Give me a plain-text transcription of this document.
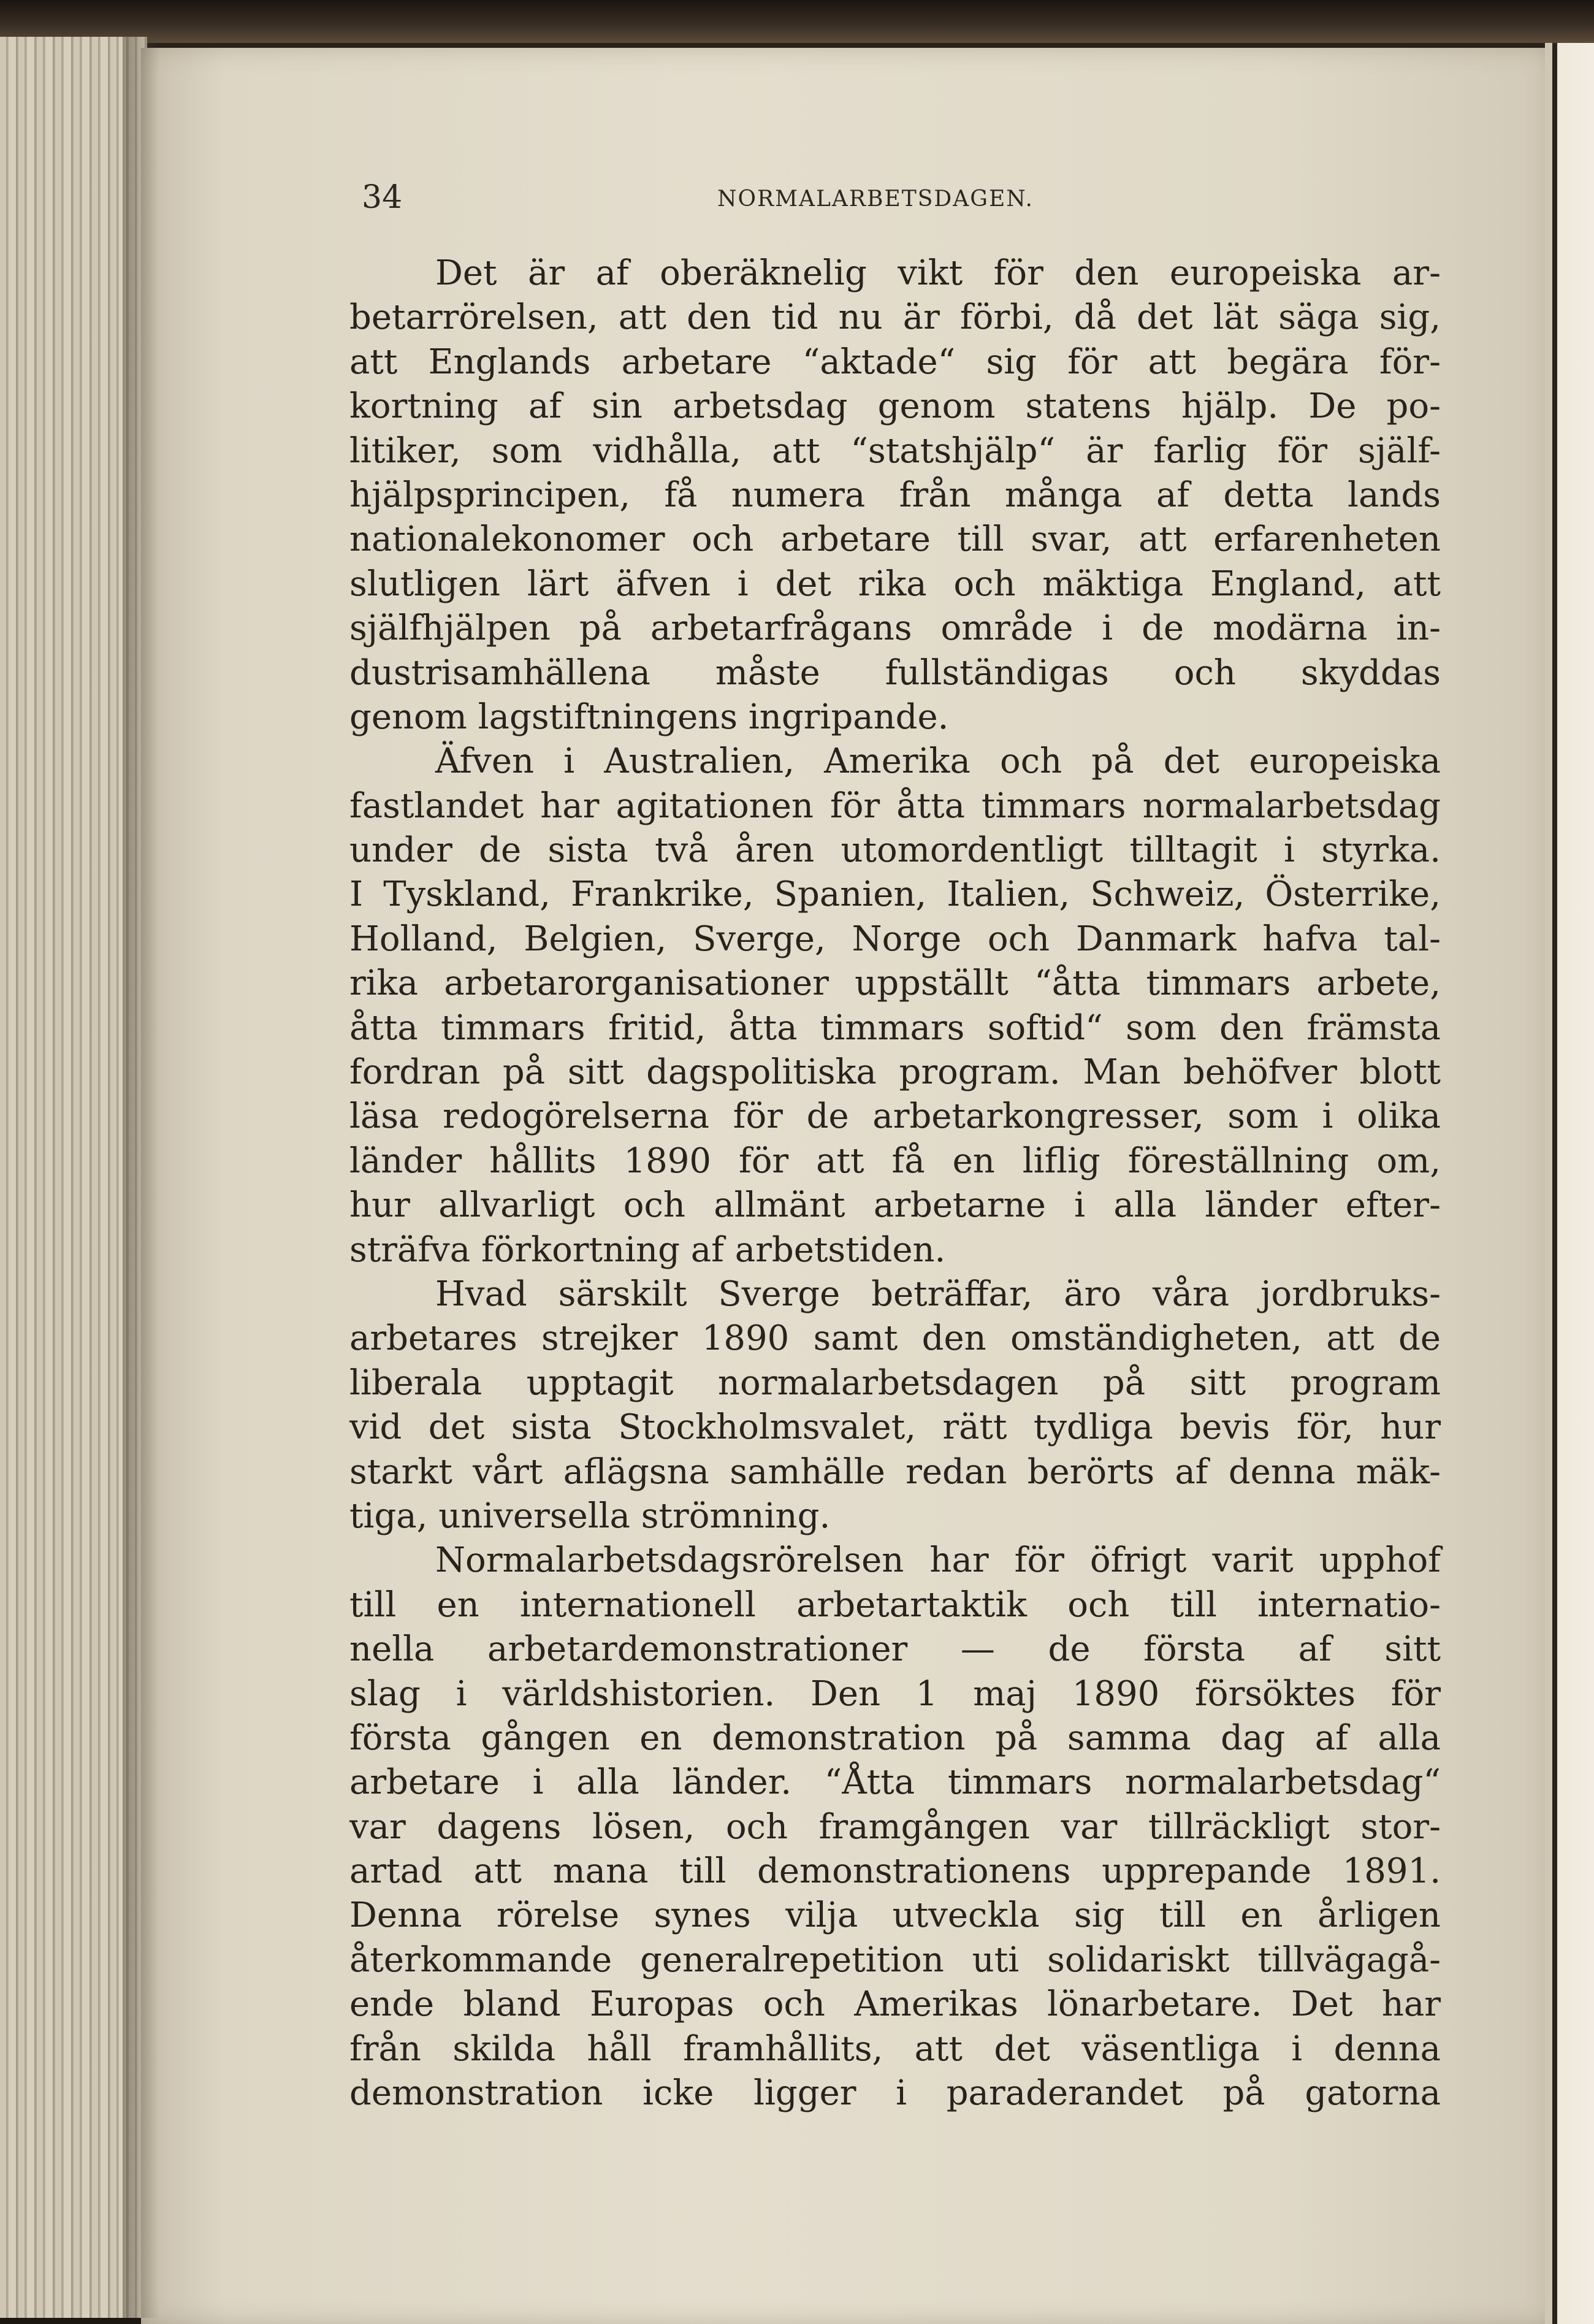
34	NORMALARBETSDAGEN.
Det är af oberäknelig vikt för den europeiska ar-
betarrörelsen, att den tid nu är förbi, då det lät säga sig,
att Englands arbetare “aktade“ sig för att begära för-
kortning af sin arbetsdag genom statens hjälp. De po-
litiker, som vidhålla, att “statshjälp“ är farlig för själf-
hjälpsprincipen, få numera från många af detta lands
nationalekonomer och arbetare till svar, att erfarenheten
slutligen lärt äfven i det rika och mäktiga England, att
själfhjälpen på arbetarfrågans område i de modärna in-
dustrisamhällena måste fullständigas och skyddas
genom lagstiftningens ingripande.
Äfven i Australien, Amerika och på det europeiska
fastlandet har agitationen för åtta timmars normalarbetsdag
under de sista två åren utomordentligt tilltagit i styrka.
I Tyskland, Frankrike, Spanien, Italien, Schweiz, Österrike,
Holland, Belgien, Sverge, Norge och Danmark hafva tal-
rika arbetarorganisationer uppställt “åtta timmars arbete,
åtta timmars fritid, åtta timmars softid“ som den främsta
fordran på sitt dagspolitiska program. Man behöfver blott
läsa redogörelserna för de arbetarkongresser, som i olika
länder hållits 1890 för att få en liflig föreställning om,
hur allvarligt och allmänt arbetarne i alla länder efter-
sträfva förkortning af arbetstiden.
Hvad särskilt Sverge beträffar, äro våra jordbruks-
arbetares strejker 1890 samt den omständigheten, att de
liberala upptagit normalarbetsdagen på sitt program
vid det sista Stockholmsvalet, rätt tydliga bevis för, hur
starkt vårt aflägsna samhälle redan berörts af denna mäk-
tiga, universella strömning.
Normalarbetsdagsrörelsen har för öfrigt varit upphof
till en internationell arbetartaktik och till internatio-
nella arbetardemonstrationer — de första af sitt
slag i världshistorien. Den 1 maj 1890 försöktes för
första gången en demonstration på samma dag af alla
arbetare i alla länder. “Åtta timmars normalarbetsdag“
var dagens lösen, och framgången var tillräckligt stor-
artad att mana till demonstrationens upprepande 1891.
Denna rörelse synes vilja utveckla sig till en årligen
återkommande generalrepetition uti solidariskt tillvägagå-
ende bland Europas och Amerikas lönarbetare. Det har
från skilda håll framhållits, att det väsentliga i denna
demonstration icke ligger i paraderandet på gatorna
